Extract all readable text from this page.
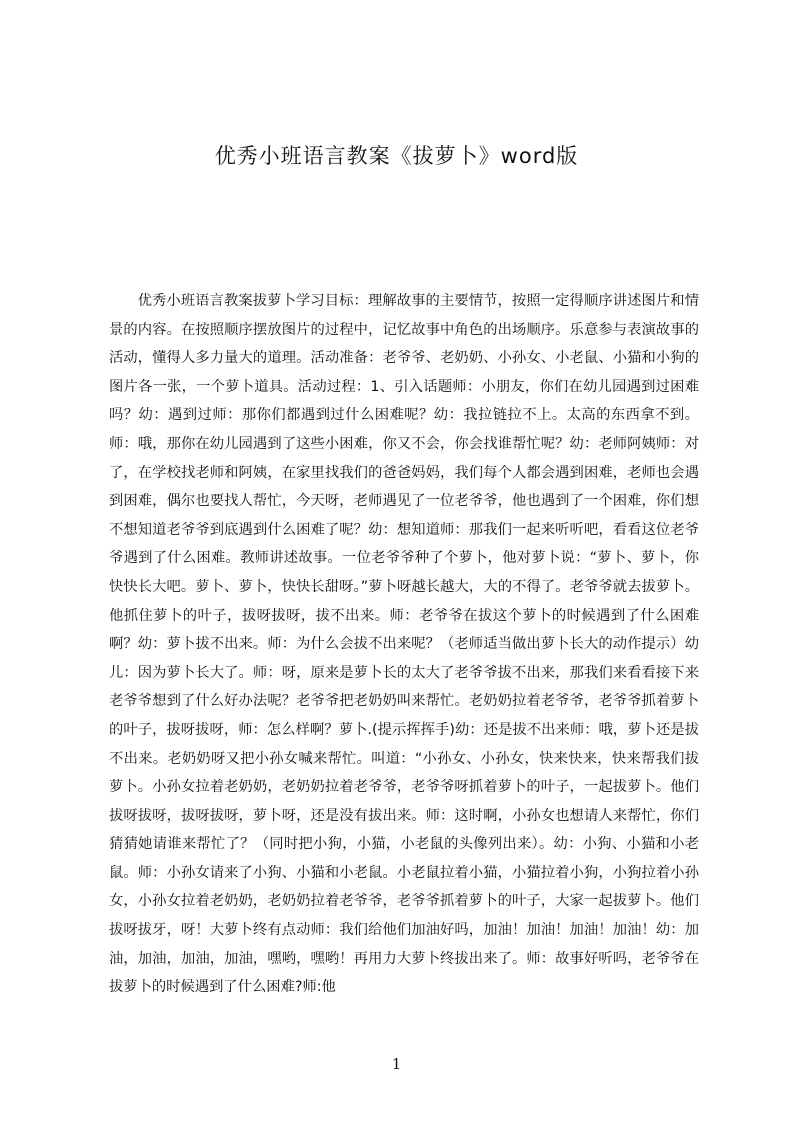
优秀小班语言教案《拔萝卜》word版

优秀小班语言教案拔萝卜学习目标：理解故事的主要情节，按照一定得顺序讲述图片和情景的内容。在按照顺序摆放图片的过程中，记忆故事中角色的出场顺序。乐意参与表演故事的活动，懂得人多力量大的道理。活动准备：老爷爷、老奶奶、小孙女、小老鼠、小猫和小狗的图片各一张，一个萝卜道具。活动过程：1、引入话题师：小朋友，你们在幼儿园遇到过困难吗？幼：遇到过师：那你们都遇到过什么困难呢？幼：我拉链拉不上。太高的东西拿不到。师：哦，那你在幼儿园遇到了这些小困难，你又不会，你会找谁帮忙呢？幼：老师阿姨师：对了，在学校找老师和阿姨，在家里找我们的爸爸妈妈，我们每个人都会遇到困难，老师也会遇到困难，偶尔也要找人帮忙，今天呀，老师遇见了一位老爷爷，他也遇到了一个困难，你们想不想知道老爷爷到底遇到什么困难了呢？幼：想知道师：那我们一起来听听吧，看看这位老爷爷遇到了什么困难。教师讲述故事。一位老爷爷种了个萝卜，他对萝卜说：“萝卜、萝卜，你快快长大吧。萝卜、萝卜，快快长甜呀。”萝卜呀越长越大，大的不得了。老爷爷就去拔萝卜。他抓住萝卜的叶子，拔呀拔呀，拔不出来。师：老爷爷在拔这个萝卜的时候遇到了什么困难啊？幼：萝卜拔不出来。师：为什么会拔不出来呢？（老师适当做出萝卜长大的动作提示）幼儿：因为萝卜长大了。师：呀，原来是萝卜长的太大了老爷爷拔不出来，那我们来看看接下来老爷爷想到了什么好办法呢？老爷爷把老奶奶叫来帮忙。老奶奶拉着老爷爷，老爷爷抓着萝卜的叶子，拔呀拔呀，师：怎么样啊？萝卜.(提示挥挥手)幼：还是拔不出来师：哦，萝卜还是拔不出来。老奶奶呀又把小孙女喊来帮忙。叫道：“小孙女、小孙女，快来快来，快来帮我们拔萝卜。小孙女拉着老奶奶，老奶奶拉着老爷爷，老爷爷呀抓着萝卜的叶子，一起拔萝卜。他们拔呀拔呀，拔呀拔呀，萝卜呀，还是没有拔出来。师：这时啊，小孙女也想请人来帮忙，你们猜猜她请谁来帮忙了？（同时把小狗，小猫，小老鼠的头像列出来）。幼：小狗、小猫和小老鼠。师：小孙女请来了小狗、小猫和小老鼠。小老鼠拉着小猫，小猫拉着小狗，小狗拉着小孙女，小孙女拉着老奶奶，老奶奶拉着老爷爷，老爷爷抓着萝卜的叶子，大家一起拔萝卜。他们拔呀拔牙，呀！大萝卜终有点动师：我们给他们加油好吗，加油！加油！加油！加油！幼：加油，加油，加油，加油，嘿哟，嘿哟！再用力大萝卜终拔出来了。师：故事好听吗，老爷爷在拔萝卜的时候遇到了什么困难?师:他

1
